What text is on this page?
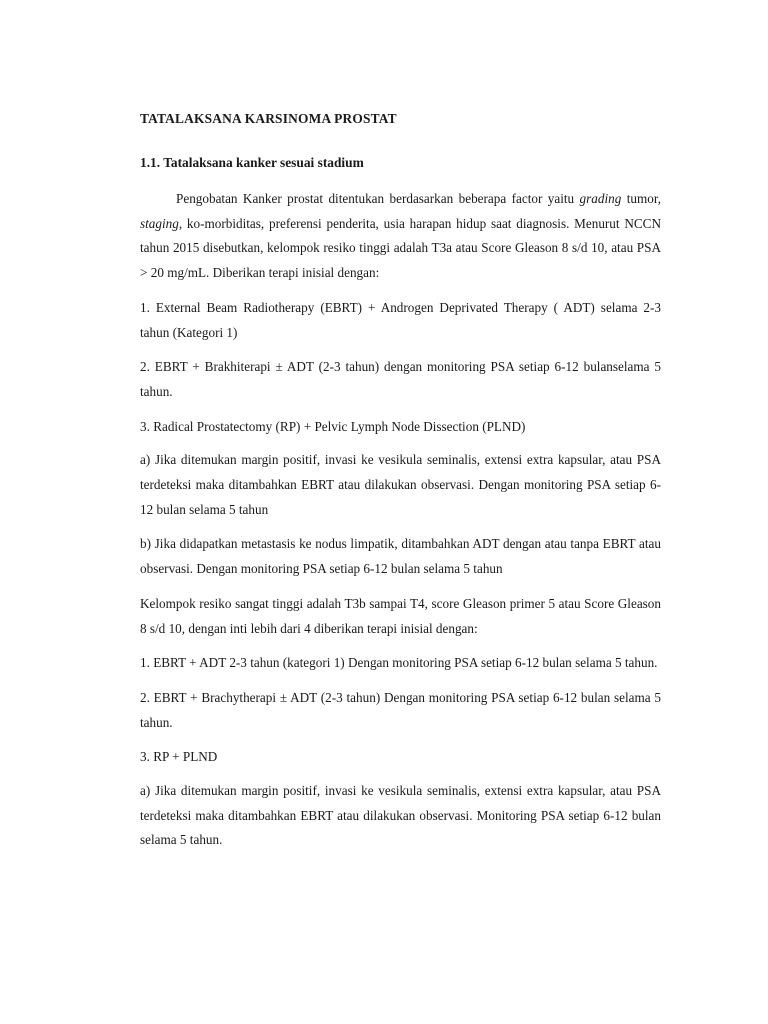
TATALAKSANA KARSINOMA PROSTAT
1.1. Tatalaksana kanker sesuai stadium

Pengobatan Kanker prostat ditentukan berdasarkan beberapa factor yaitu grading tumor, staging, ko-morbiditas, preferensi penderita, usia harapan hidup saat diagnosis. Menurut NCCN tahun 2015 disebutkan, kelompok resiko tinggi adalah T3a atau Score Gleason 8 s/d 10, atau PSA > 20 mg/mL. Diberikan terapi inisial dengan:

1. External Beam Radiotherapy (EBRT) + Androgen Deprivated Therapy ( ADT) selama 2-3 tahun (Kategori 1)

2. EBRT + Brakhiterapi ± ADT (2-3 tahun) dengan monitoring PSA setiap 6-12 bulanselama 5 tahun.

3. Radical Prostatectomy (RP) + Pelvic Lymph Node Dissection (PLND)

a) Jika ditemukan margin positif, invasi ke vesikula seminalis, extensi extra kapsular, atau PSA terdeteksi maka ditambahkan EBRT atau dilakukan observasi. Dengan monitoring PSA setiap 6-12 bulan selama 5 tahun

b) Jika didapatkan metastasis ke nodus limpatik, ditambahkan ADT dengan atau tanpa EBRT atau observasi. Dengan monitoring PSA setiap 6-12 bulan selama 5 tahun

Kelompok resiko sangat tinggi adalah T3b sampai T4, score Gleason primer 5 atau Score Gleason 8 s/d 10, dengan inti lebih dari 4 diberikan terapi inisial dengan:

1. EBRT + ADT 2-3 tahun (kategori 1) Dengan monitoring PSA setiap 6-12 bulan selama 5 tahun.

2. EBRT + Brachytherapi ± ADT (2-3 tahun) Dengan monitoring PSA setiap 6-12 bulan selama 5 tahun.

3. RP + PLND

a) Jika ditemukan margin positif, invasi ke vesikula seminalis, extensi extra kapsular, atau PSA terdeteksi maka ditambahkan EBRT atau dilakukan observasi. Monitoring PSA setiap 6-12 bulan selama 5 tahun.
